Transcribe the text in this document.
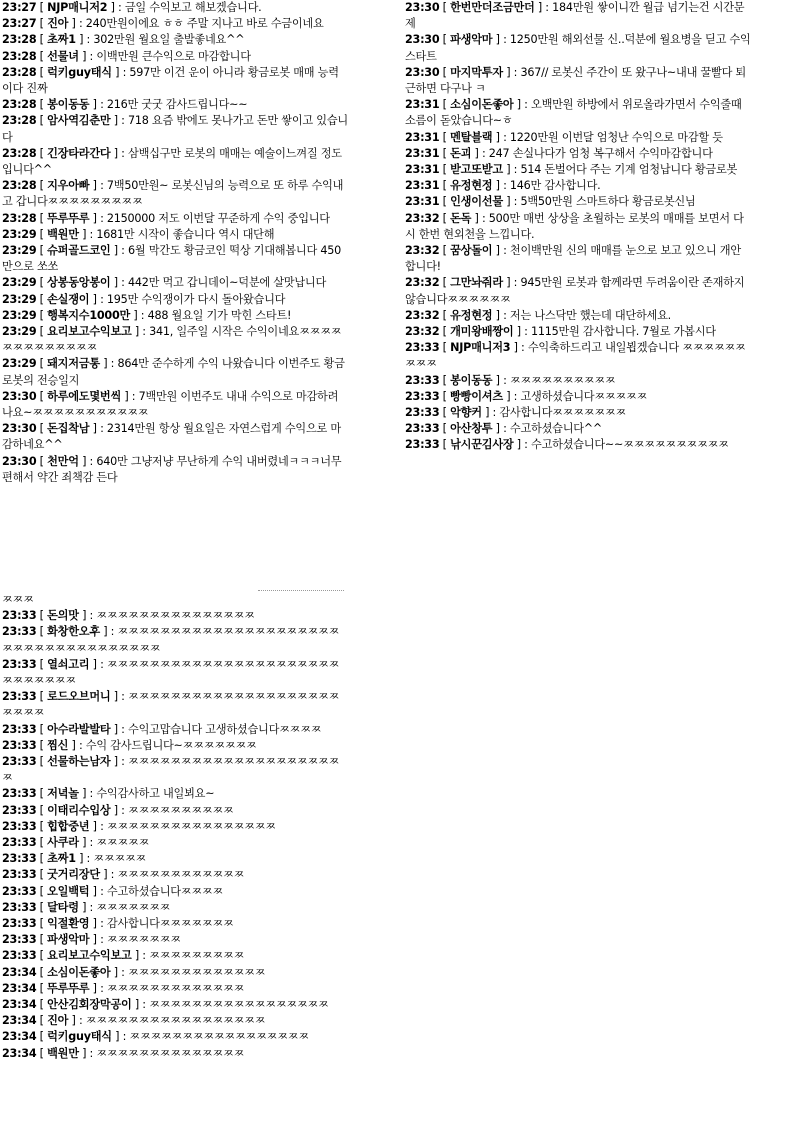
23:27 [ NJP매니저2 ] : 금일 수익보고 해보겠습니다.
23:27 [ 진아 ] : 240만원이에요 ㅎㅎ 주말 지나고 바로 수금이네요
23:28 [ 초짜1 ] : 302만원 월요일 출발좋네요^^
23:28 [ 선물녀 ] : 이백만원 큰수익으로 마감합니다
23:28 [ 럭키guy태식 ] : 597만 이건 운이 아니라 황금로봇 매매 능력이다 진짜
23:28 [ 봉이동동 ] : 216만 굿굿 감사드립니다~~
23:28 [ 암사역김춘만 ] : 718 요즘 밖에도 못나가고 돈만 쌓이고 있습니다
23:28 [ 긴장타라간다 ] : 삼백십구만 로봇의 매매는 예술이느껴질 정도입니다^^
23:28 [ 지우아빠 ] : 7백50만원~ 로봇신님의 능력으로 또 하루 수익내고 갑니다ㅉㅉㅉㅉㅉㅉㅉㅉㅉ
23:28 [ 뚜루뚜루 ] : 2150000 저도 이번달 꾸준하게 수익 중입니다
23:29 [ 백원만 ] : 1681만 시작이 좋습니다 역시 대단해
23:29 [ 슈퍼골드코인 ] : 6월 막간도 황금코인 떡상 기대해봅니다 450만으로 쏘쏘
23:29 [ 상봉동앙봉이 ] : 442만 먹고 갑니데이~덕분에 살맛납니다
23:29 [ 손실쟁이 ] : 195만 수익쟁이가 다시 돌아왔습니다
23:29 [ 행복지수1000만 ] : 488 월요일 기가 막힌 스타트!
23:29 [ 요리보고수익보고 ] : 341, 일주일 시작은 수익이네요ㅉㅉㅉㅉㅉㅉㅉㅉㅉㅉㅉㅉㅉ
23:29 [ 돼지저금통 ] : 864만 준수하게 수익 나왔습니다 이번주도 황금로봇의 전승일지
23:30 [ 하루에도몇번씩 ] : 7백만원 이번주도 내내 수익으로 마감하려나요~ㅉㅉㅉㅉㅉㅉㅉㅉㅉㅉㅉ
23:30 [ 돈집착남 ] : 2314만원 항상 월요일은 자연스럽게 수익으로 마감하네요^^
23:30 [ 천만억 ] : 640만 그냥저냥 무난하게 수익 내버렸네ㅋㅋㅋ너무 편해서 약간 죄책감 든다
23:30 [ 한번만더조금만더 ] : 184만원 쌓이니깐 월급 넘기는건 시간문제
23:30 [ 파생악마 ] : 1250만원 해외선물 신..덕분에 월요병을 딛고 수익 스타트
23:30 [ 마지막투자 ] : 367// 로봇신 주간이 또 왔구나~내내 꿀빨다 퇴근하면 다구나 ㅋ
23:31 [ 소심이돈좋아 ] : 오백만원 하방에서 위로올라가면서 수익줄때 소름이 돋았습니다~ㅎ
23:31 [ 멘탈블랙 ] : 1220만원 이번달 엄청난 수익으로 마감할 듯
23:31 [ 돈괴 ] : 247 손실나다가 엄청 복구해서 수익마감합니다
23:31 [ 받고또받고 ] : 514 돈벌어다 주는 기계 엄청납니다 황금로봇
23:31 [ 유정현정 ] : 146만 감사합니다.
23:31 [ 인생이선물 ] : 5백50만원 스마트하다 황금로봇신님
23:32 [ 돈독 ] : 500만 매번 상상을 초월하는 로봇의 매매를 보면서 다시 한번 현외천을 느낍니다.
23:32 [ 꿈상돌이 ] : 천이백만원 신의 매매를 눈으로 보고 있으니 개안합니다!
23:32 [ 그만놔줘라 ] : 945만원 로봇과 함께라면 두려움이란 존재하지 않습니다ㅉㅉㅉㅉㅉㅉ
23:32 [ 유정현정 ] : 저는 나스닥만 했는데 대단하세요.
23:32 [ 개미왕배짱이 ] : 1115만원 감사합니다. 7월로 가봅시다
23:33 [ NJP매니저3 ] : 수익축하드리고 내일뵙겠습니다 ㅉㅉㅉㅉㅉㅉㅉㅉㅉ
23:33 [ 봉이동동 ] : ㅉㅉㅉㅉㅉㅉㅉㅉㅉㅉ
23:33 [ 빵빵이셔츠 ] : 고생하셨습니다ㅉㅉㅉㅉㅉ
23:33 [ 악향커 ] : 감사합니다ㅉㅉㅉㅉㅉㅉㅉ
23:33 [ 아산창투 ] : 수고하셨습니다^^
23:33 [ 낚시꾼김사장 ] : 수고하셨습니다~~ㅉㅉㅉㅉㅉㅉㅉㅉㅉㅉ
ㅉㅉㅉ
23:33 [ 돈의맛 ] : ㅉㅉㅉㅉㅉㅉㅉㅉㅉㅉㅉㅉㅉㅉㅉ
23:33 [ 화창한오후 ] : ㅉㅉㅉㅉㅉㅉㅉㅉㅉㅉㅉㅉㅉㅉㅉㅉㅉㅉㅉㅉㅉㅉㅉㅉㅉㅉㅉㅉㅉㅉㅉㅉㅉㅉㅉㅉ
23:33 [ 열쇠고리 ] : ㅉㅉㅉㅉㅉㅉㅉㅉㅉㅉㅉㅉㅉㅉㅉㅉㅉㅉㅉㅉㅉㅉㅉㅉㅉㅉㅉㅉㅉ
23:33 [ 로드오브머니 ] : ㅉㅉㅉㅉㅉㅉㅉㅉㅉㅉㅉㅉㅉㅉㅉㅉㅉㅉㅉㅉㅉㅉㅉㅉ
23:33 [ 아수라발발타 ] : 수익고맙습니다 고생하셨습니다ㅉㅉㅉㅉ
23:33 [ 찜신 ] : 수익 감사드립니다~ㅉㅉㅉㅉㅉㅉㅉ
23:33 [ 선물하는남자 ] : ㅉㅉㅉㅉㅉㅉㅉㅉㅉㅉㅉㅉㅉㅉㅉㅉㅉㅉㅉㅉㅉ
23:33 [ 저녁놀 ] : 수익감사하고 내일뵈요~
23:33 [ 이태리수입상 ] : ㅉㅉㅉㅉㅉㅉㅉㅉㅉㅉ
23:33 [ 힙합중년 ] : ㅉㅉㅉㅉㅉㅉㅉㅉㅉㅉㅉㅉㅉㅉㅉㅉ
23:33 [ 사쿠라 ] : ㅉㅉㅉㅉㅉ
23:33 [ 초짜1 ] : ㅉㅉㅉㅉㅉ
23:33 [ 굿거리장단 ] : ㅉㅉㅉㅉㅉㅉㅉㅉㅉㅉㅉㅉ
23:33 [ 오일백턱 ] : 수고하셨습니다ㅉㅉㅉㅉ
23:33 [ 달타령 ] : ㅉㅉㅉㅉㅉㅉㅉ
23:33 [ 익절환영 ] : 감사합니다ㅉㅉㅉㅉㅉㅉㅉ
23:33 [ 파생악마 ] : ㅉㅉㅉㅉㅉㅉㅉ
23:33 [ 요리보고수익보고 ] : ㅉㅉㅉㅉㅉㅉㅉㅉㅉ
23:34 [ 소심이돈좋아 ] : ㅉㅉㅉㅉㅉㅉㅉㅉㅉㅉㅉㅉㅉ
23:34 [ 뚜루뚜루 ] : ㅉㅉㅉㅉㅉㅉㅉㅉㅉㅉㅉㅉㅉ
23:34 [ 안산김회장막공이 ] : ㅉㅉㅉㅉㅉㅉㅉㅉㅉㅉㅉㅉㅉㅉㅉㅉㅉ
23:34 [ 진아 ] : ㅉㅉㅉㅉㅉㅉㅉㅉㅉㅉㅉㅉㅉㅉㅉㅉㅉ
23:34 [ 럭키guy태식 ] : ㅉㅉㅉㅉㅉㅉㅉㅉㅉㅉㅉㅉㅉㅉㅉㅉㅉ
23:34 [ 백원만 ] : ㅉㅉㅉㅉㅉㅉㅉㅉㅉㅉㅉㅉㅉㅉ
